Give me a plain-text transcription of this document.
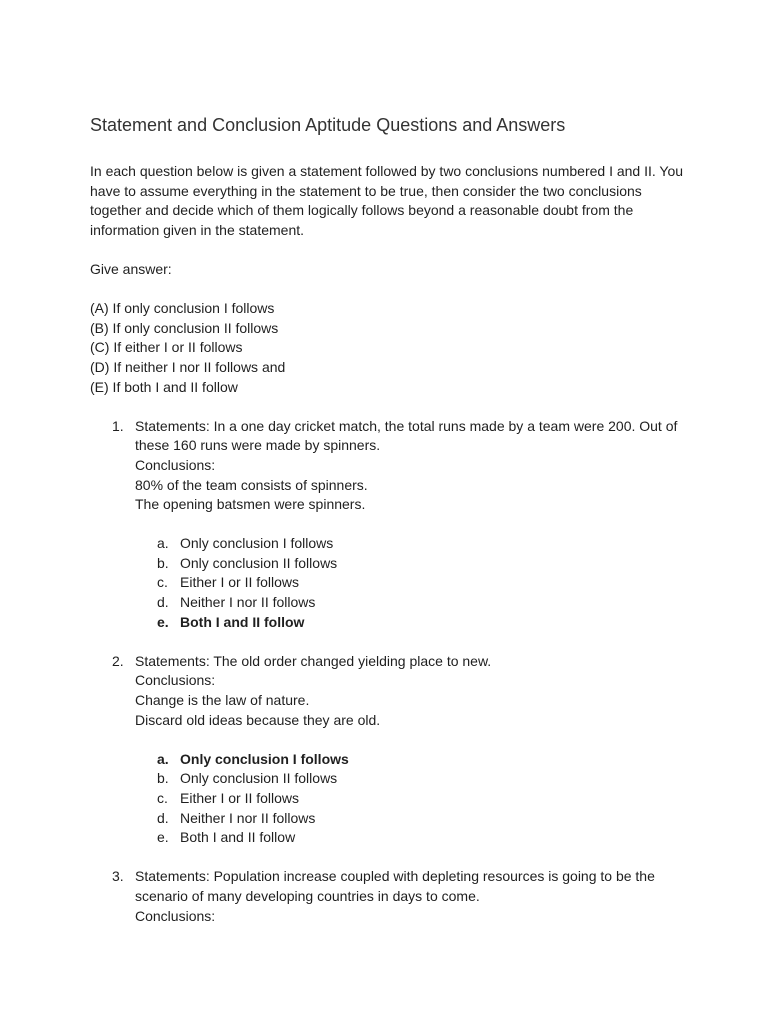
Statement and Conclusion Aptitude Questions and Answers

In each question below is given a statement followed by two conclusions numbered I and II. You have to assume everything in the statement to be true, then consider the two conclusions together and decide which of them logically follows beyond a reasonable doubt from the information given in the statement.

Give answer:

(A) If only conclusion I follows
(B) If only conclusion II follows
(C) If either I or II follows
(D) If neither I nor II follows and
(E) If both I and II follow
1. Statements: In a one day cricket match, the total runs made by a team were 200. Out of these 160 runs were made by spinners.
Conclusions:
80% of the team consists of spinners.
The opening batsmen were spinners.
a. Only conclusion I follows
b. Only conclusion II follows
c. Either I or II follows
d. Neither I nor II follows
e. Both I and II follow
2. Statements: The old order changed yielding place to new.
Conclusions:
Change is the law of nature.
Discard old ideas because they are old.
a. Only conclusion I follows
b. Only conclusion II follows
c. Either I or II follows
d. Neither I nor II follows
e. Both I and II follow
3. Statements: Population increase coupled with depleting resources is going to be the scenario of many developing countries in days to come.
Conclusions:
